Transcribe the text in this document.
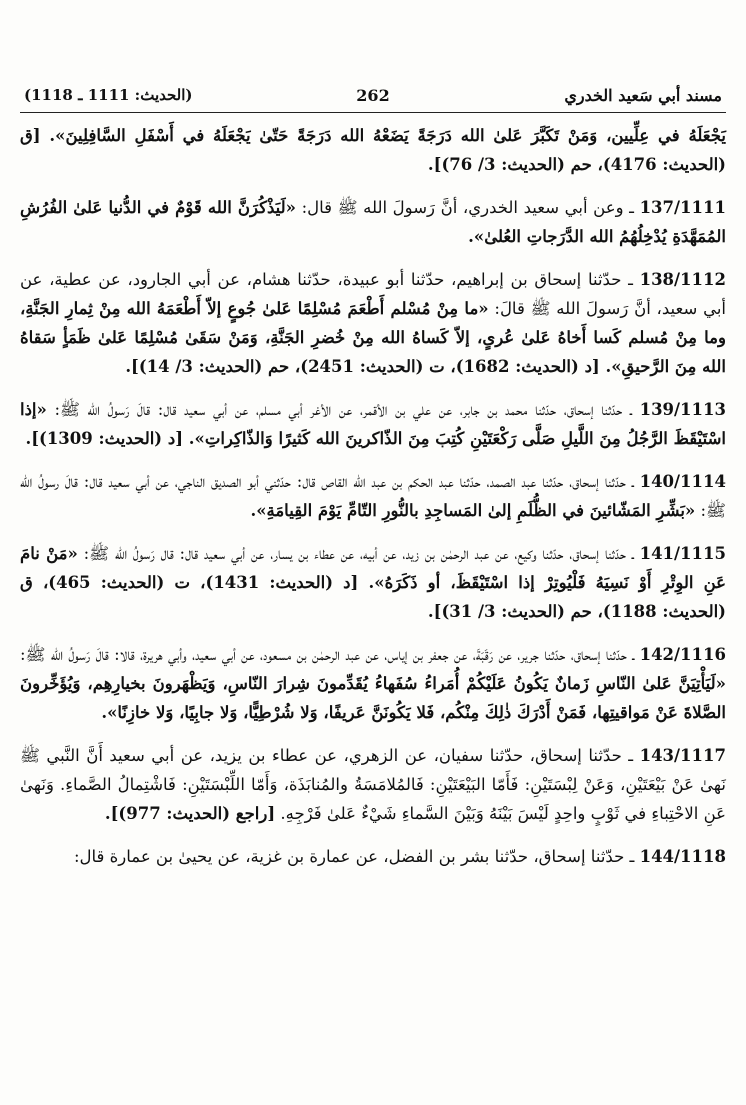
مسند أبي سَعيد الخدري
262
(الحديث: 1111 ـ 1118)

يَجْعَلَهُ في عِلِّيين، وَمَنْ تَكَبَّرَ عَلىٰ الله دَرَجَةً يَضَعْهُ الله دَرَجَةً حَتّىٰ يَجْعَلَهُ في أَسْفَلِ السَّافِلِينَ». [ق (الحديث: 4176)، حم (الحديث: 3/ 76)].

137/1111 ـ وعن أبي سعيد الخدري، أنَّ رَسولَ الله ﷺ قال: «لَيَذْكُرَنَّ الله قَوْمٌ في الدُّنيا عَلىٰ الفُرُشِ المُمَهَّدَةِ يُدْخِلُهُمُ الله الدَّرَجاتِ العُلىٰ».

138/1112 ـ حدّثنا إسحاق بن إبراهيم، حدّثنا أبو عبيدة، حدّثنا هشام، عن أبي الجارود، عن عطية، عن أبي سعيد، أنَّ رَسولَ الله ﷺ قالَ: «ما مِنْ مُسْلم أَطْعَمَ مُسْلِمًا عَلىٰ جُوعٍ إلاّ أَطْعَمَهُ الله مِنْ ثِمارِ الجَنَّةِ، وما مِنْ مُسلم كَسا أَخاهُ عَلىٰ عُرىٍ، إلاّ كَساهُ الله مِنْ خُضرِ الجَنَّةِ، وَمَنْ سَقَىٰ مُسْلِمًا عَلىٰ ظَمَأٍ سَقاهُ الله مِنَ الرَّحيقِ». [د (الحديث: 1682)، ت (الحديث: 2451)، حم (الحديث: 3/ 14)].

139/1113 ـ حدّثنا إسحاق، حدّثنا محمد بن جابر، عن علي بن الأقمر، عن الأغر أبي مسلم، عن أبي سعيد قال: قالَ رَسولُ الله ﷺ: «إذا اسْتَيْقَظَ الرَّجُلُ مِنَ اللَّيلِ صَلَّى رَكْعَتَيْنِ كُتِبَ مِنَ الذّاكرينَ الله كَثيرًا وَالذّاكِراتِ». [د (الحديث: 1309)].

140/1114 ـ حدّثنا إسحاق، حدّثنا عبد الصمد، حدّثنا عبد الحكم بن عبد الله القاص قال: حدّثني أبو الصديق الناجي، عن أبي سعيد قال: قالَ رسولُ الله ﷺ: «بَشِّرِ المَشّائينَ في الظُّلَمِ إلىٰ المَساجِدِ بالنُّورِ التّامِّ يَوْمَ القِيامَةِ».

141/1115 ـ حدّثنا إسحاق، حدّثنا وكيع، عن عبد الرحمٰن بن زيد، عن أبيه، عن عطاء بن يسار، عن أبي سعيد قال: قال رَسولُ الله ﷺ: «مَنْ نامَ عَنِ الوِتْرِ أَوْ نَسِيَهُ فَلْيُوتِرْ إذا اسْتَيْقَظَ، أو ذَكَرَهُ». [د (الحديث: 1431)، ت (الحديث: 465)، ق (الحديث: 1188)، حم (الحديث: 3/ 31)].

142/1116 ـ حدّثنا إسحاق، حدّثنا جرير، عن رَقَبَةَ، عن جعفر بن إياس، عن عبد الرحمٰن بن مسعود، عن أبي سعيد، وأبي هريرة، قالا: قالَ رَسولُ الله ﷺ: «لَيَأْتِيَنَّ عَلىٰ النّاسِ زَمانٌ يَكُونُ عَلَيْكُمْ أُمَراءُ سُفَهاءُ يُقَدِّمونَ شِرارَ النّاسِ، وَيَظْهَرونَ بخيارِهِم، وَيُؤَخِّرونَ الصَّلاةَ عَنْ مَواقيتِها، فَمَنْ أَدْرَكَ ذٰلِكَ مِنْكُم، فَلا يَكُونَنَّ عَريفًا، وَلا شُرْطِيًّا، وَلا جابِيًا، وَلا خازِنًا».

143/1117 ـ حدّثنا إسحاق، حدّثنا سفيان، عن الزهري، عن عطاء بن يزيد، عن أبي سعيد أَنَّ النَّبي ﷺ نَهىٰ عَنْ بَيْعَتَيْنِ، وَعَنْ لِبْسَتَيْنِ: فَأَمّا البَيْعَتَيْنِ: فَالمُلامَسَةُ والمُنابَذَة، وَأَمّا اللِّبْسَتَيْنِ: فَاشْتِمالُ الصَّماءِ. وَنَهىٰ عَنِ الاحْتِباءِ في ثَوْبٍ واحِدٍ لَيْسَ بَيْنَهُ وَبَيْنَ السَّماءِ شَيْءٌ عَلىٰ فَرْجِهِ. [راجع (الحديث: 977)].

144/1118 ـ حدّثنا إسحاق، حدّثنا بشر بن الفضل، عن عمارة بن غزية، عن يحيىٰ بن عمارة قال:
